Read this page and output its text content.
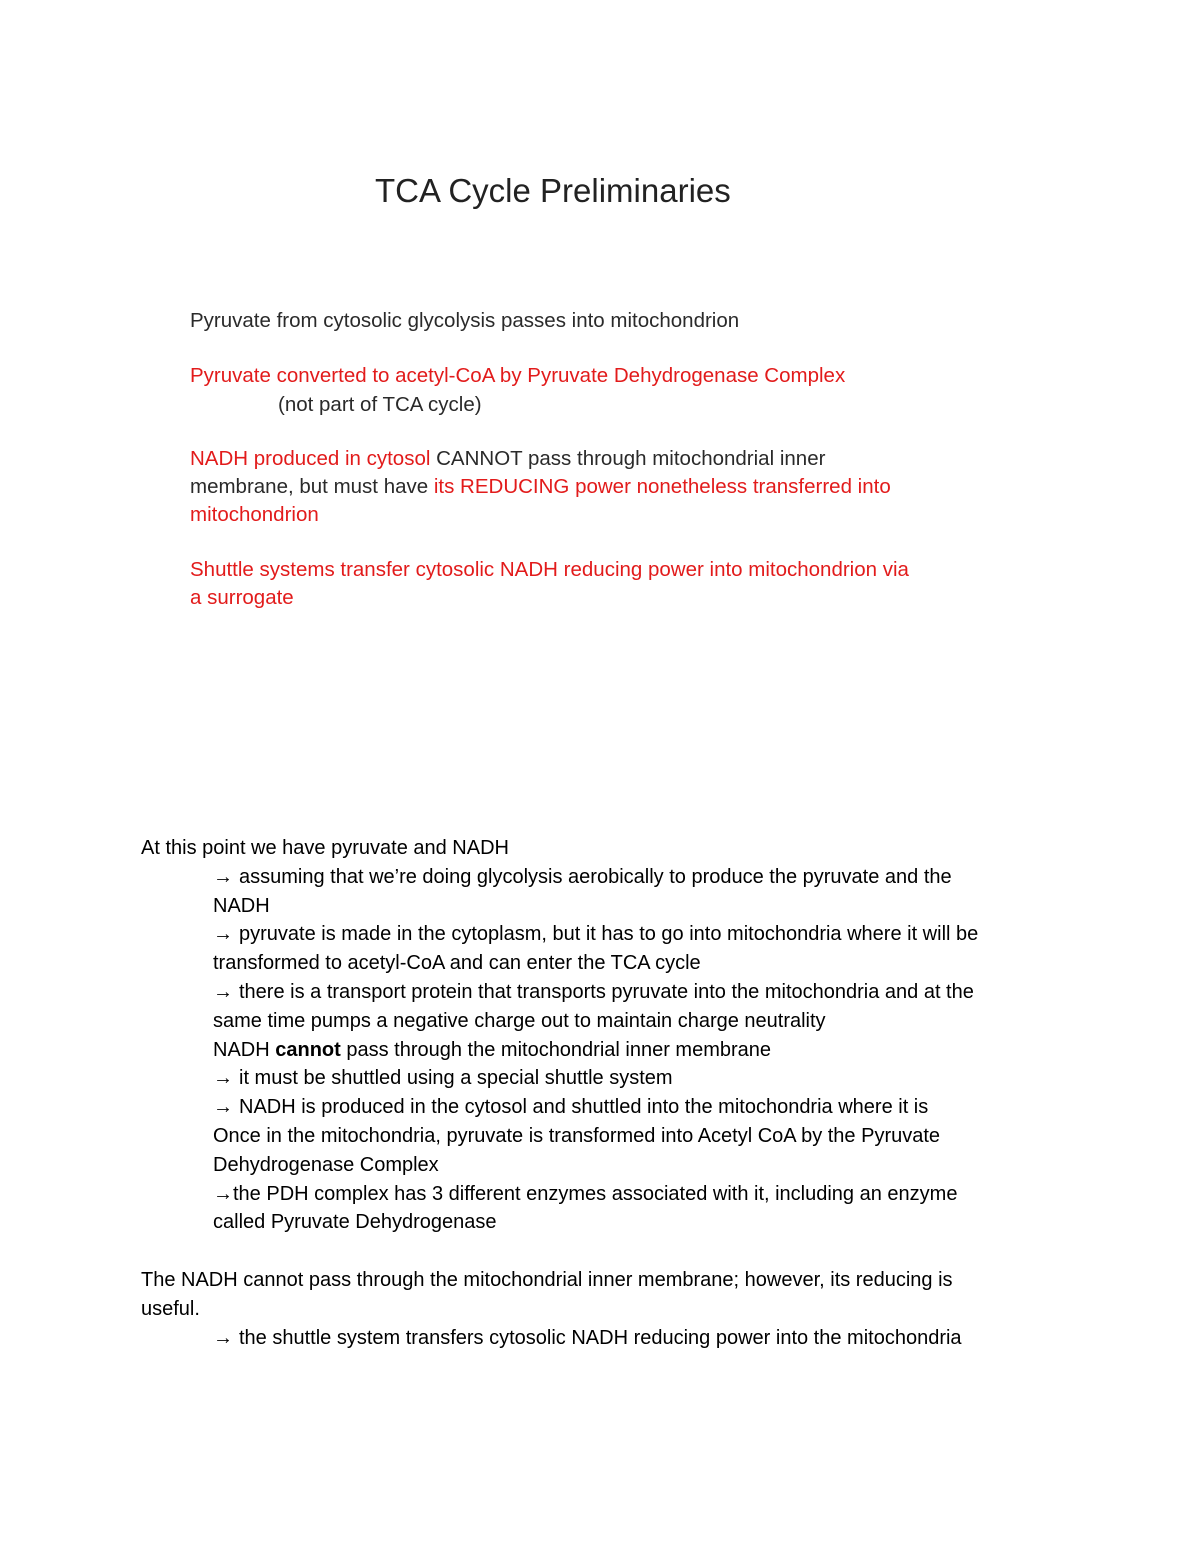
TCA Cycle Preliminaries
Pyruvate from cytosolic glycolysis passes into mitochondrion
Pyruvate converted to acetyl-CoA by Pyruvate Dehydrogenase Complex
(not part of TCA cycle)
NADH produced in cytosol CANNOT pass through mitochondrial inner
membrane, but must have its REDUCING power nonetheless transferred into
mitochondrion
Shuttle systems transfer cytosolic NADH reducing power into mitochondrion via
a surrogate
At this point we have pyruvate and NADH
→ assuming that we’re doing glycolysis aerobically to produce the pyruvate and the
NADH
→ pyruvate is made in the cytoplasm, but it has to go into mitochondria where it will be
transformed to acetyl-CoA and can enter the TCA cycle
→ there is a transport protein that transports pyruvate into the mitochondria and at the
same time pumps a negative charge out to maintain charge neutrality
NADH cannot pass through the mitochondrial inner membrane
→ it must be shuttled using a special shuttle system
→ NADH is produced in the cytosol and shuttled into the mitochondria where it is
Once in the mitochondria, pyruvate is transformed into Acetyl CoA by the Pyruvate
Dehydrogenase Complex
→the PDH complex has 3 different enzymes associated with it, including an enzyme
called Pyruvate Dehydrogenase
The NADH cannot pass through the mitochondrial inner membrane; however, its reducing is
useful.
→ the shuttle system transfers cytosolic NADH reducing power into the mitochondria
